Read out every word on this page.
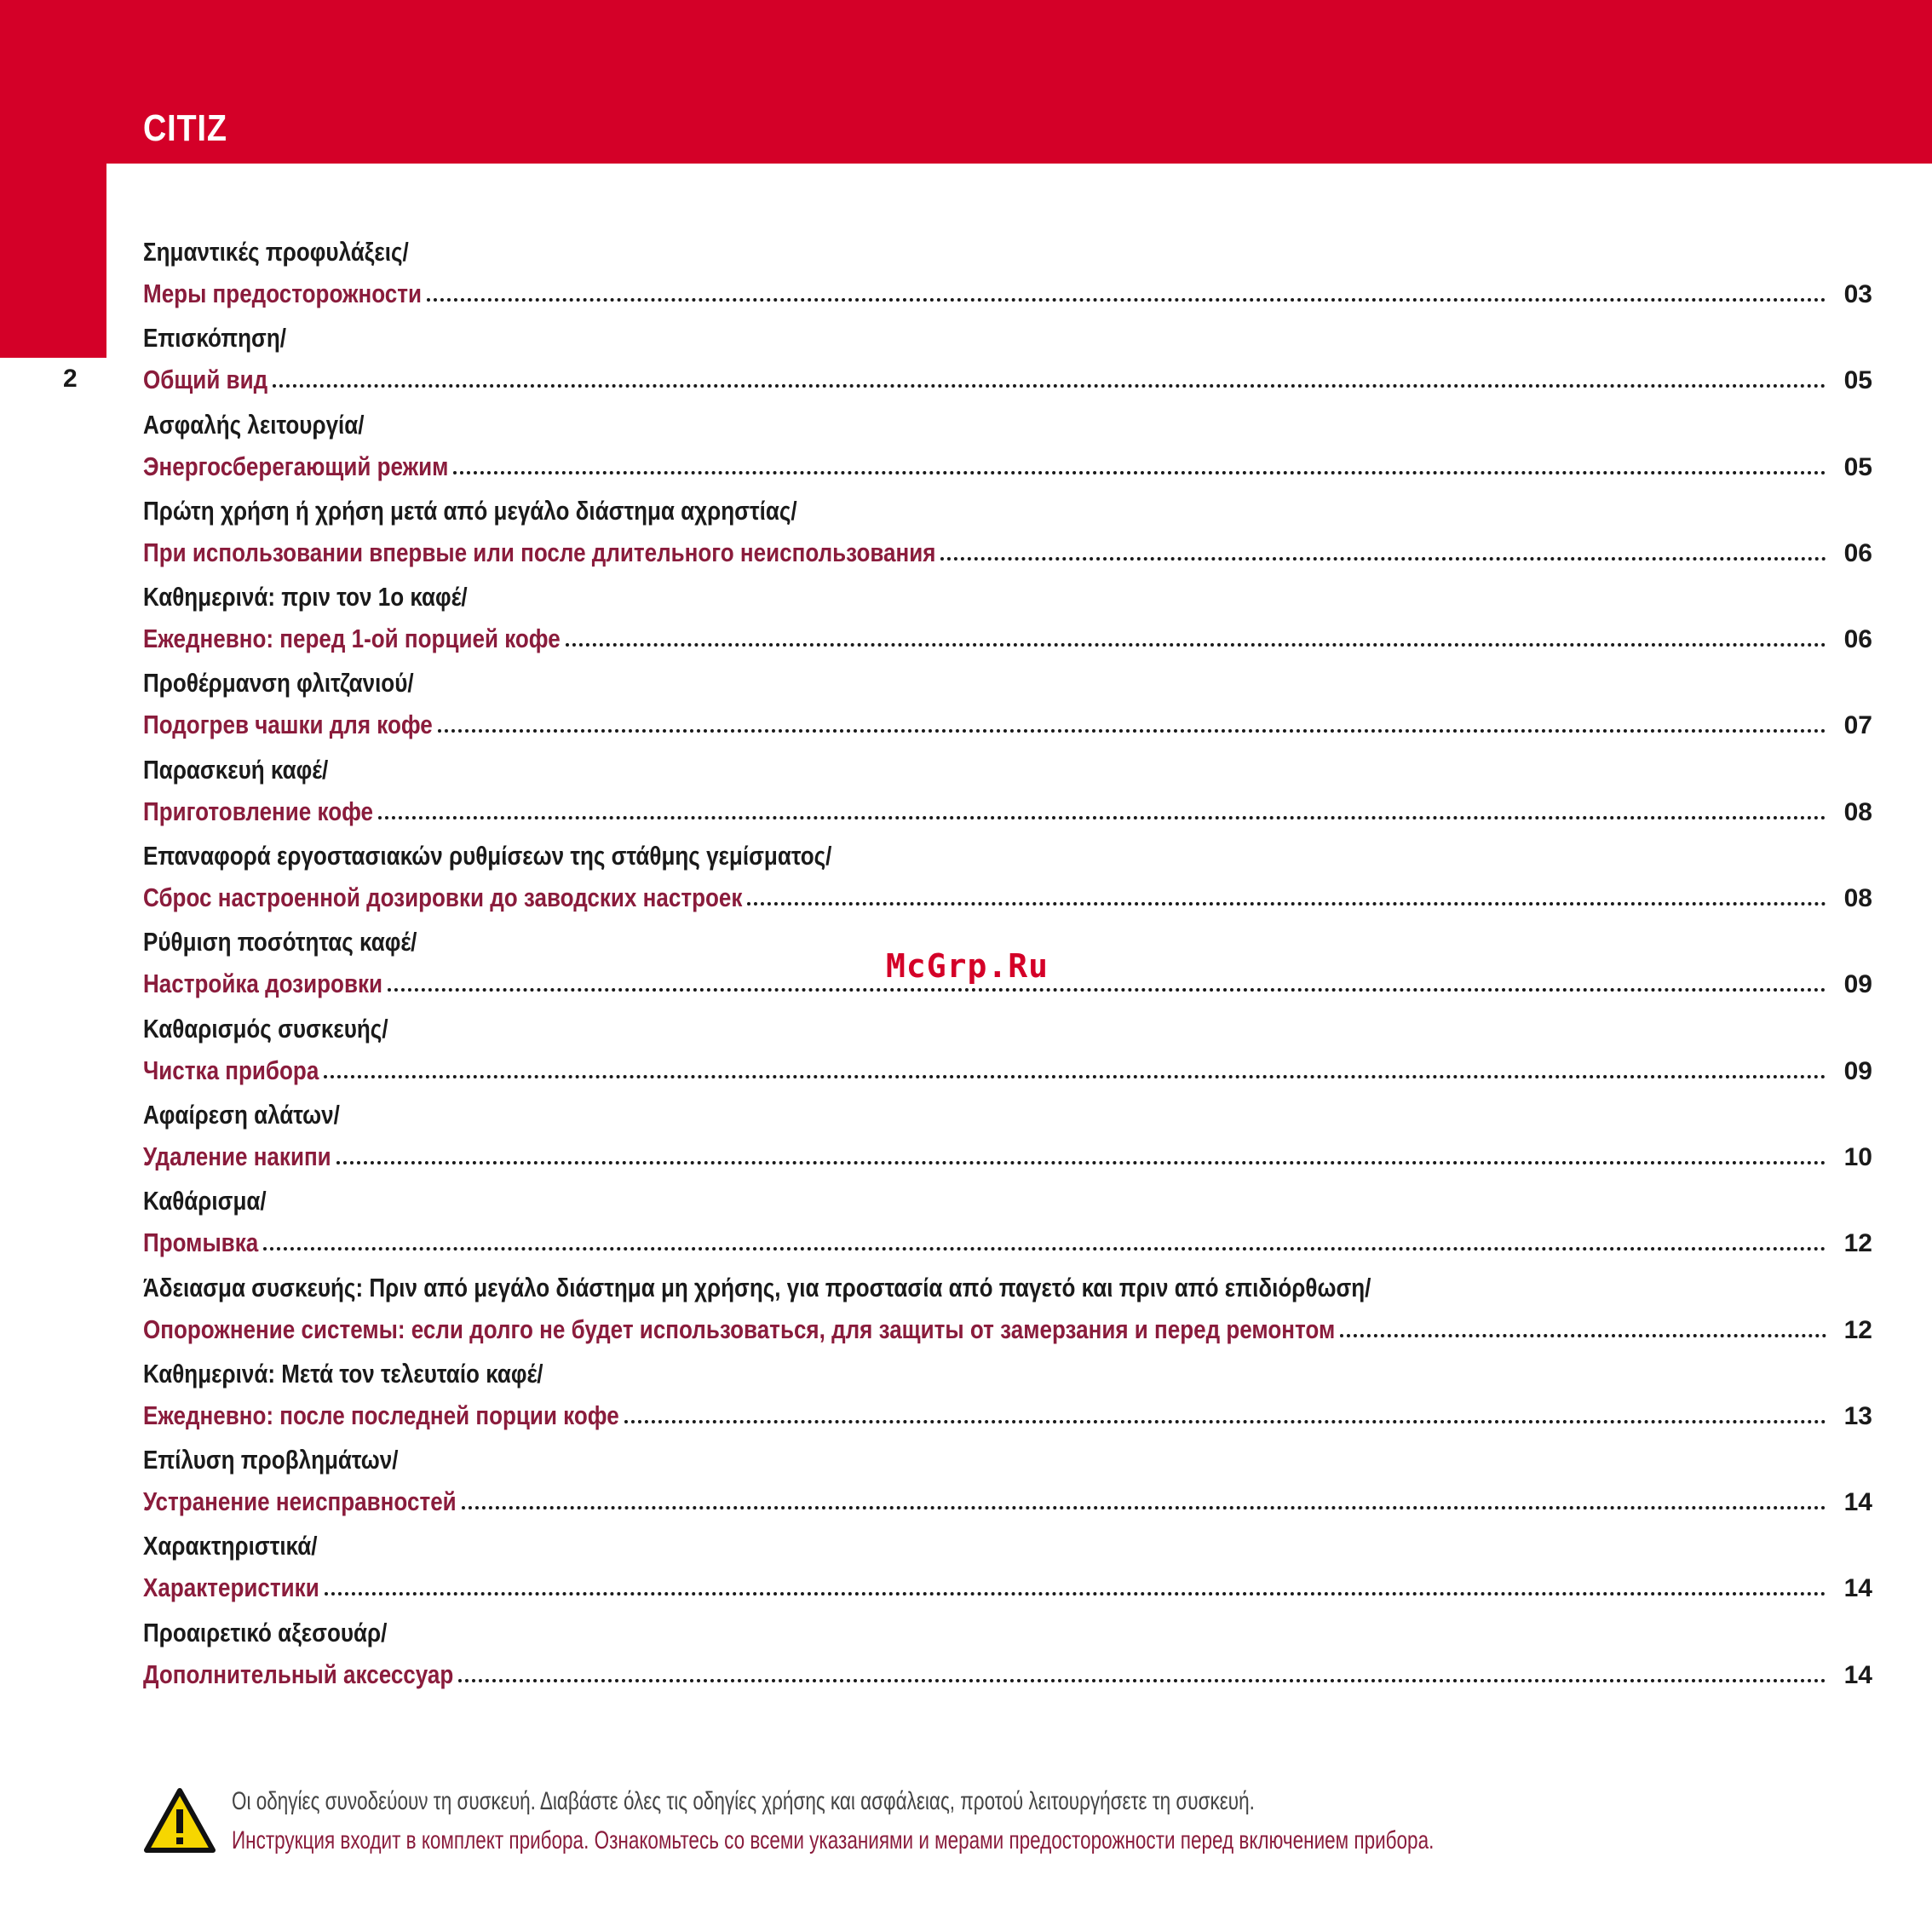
CITIZ
2
Σημαντικές προφυλάξεις/
Меры предосторожности	03
Επισκόπηση/
Общий вид	05
Ασφαλής λειτουργία/
Энергосберегающий режим	05
Πρώτη χρήση ή χρήση μετά από μεγάλο διάστημα αχρηστίας/
При использовании впервые или после длительного неиспользования	06
Καθημερινά: πριν τον 1ο καφέ/
Ежедневно: перед 1-ой порцией кофе	06
Προθέρμανση φλιτζανιού/
Подогрев чашки для кофе	07
Παρασκευή καφέ/
Приготовление кофе	08
Επαναφορά εργοστασιακών ρυθμίσεων της στάθμης γεμίσματος/
Сброс настроенной дозировки до заводских настроек	08
Ρύθμιση ποσότητας καφέ/
Настройка дозировки	09
Καθαρισμός συσκευής/
Чистка прибора	09
Αφαίρεση αλάτων/
Удаление накипи	10
Καθάρισμα/
Промывка	12
Άδειασμα συσκευής: Πριν από μεγάλο διάστημα μη χρήσης, για προστασία από παγετό και πριν από επιδιόρθωση/
Опорожнение системы: если долго не будет использоваться, для защиты от замерзания и перед ремонтом	12
Καθημερινά: Μετά τον τελευταίο καφέ/
Ежедневно: после последней порции кофе	13
Επίλυση προβλημάτων/
Устранение неисправностей	14
Χαρακτηριστικά/
Характеристики	14
Προαιρετικό αξεσουάρ/
Дополнительный аксессуар	14
McGrp.Ru
Οι οδηγίες συνοδεύουν τη συσκευή. Διαβάστε όλες τις οδηγίες χρήσης και ασφάλειας, προτού λειτουργήσετε τη συσκευή.
Инструкция входит в комплект прибора. Ознакомьтесь со всеми указаниями и мерами предосторожности перед включением прибора.
